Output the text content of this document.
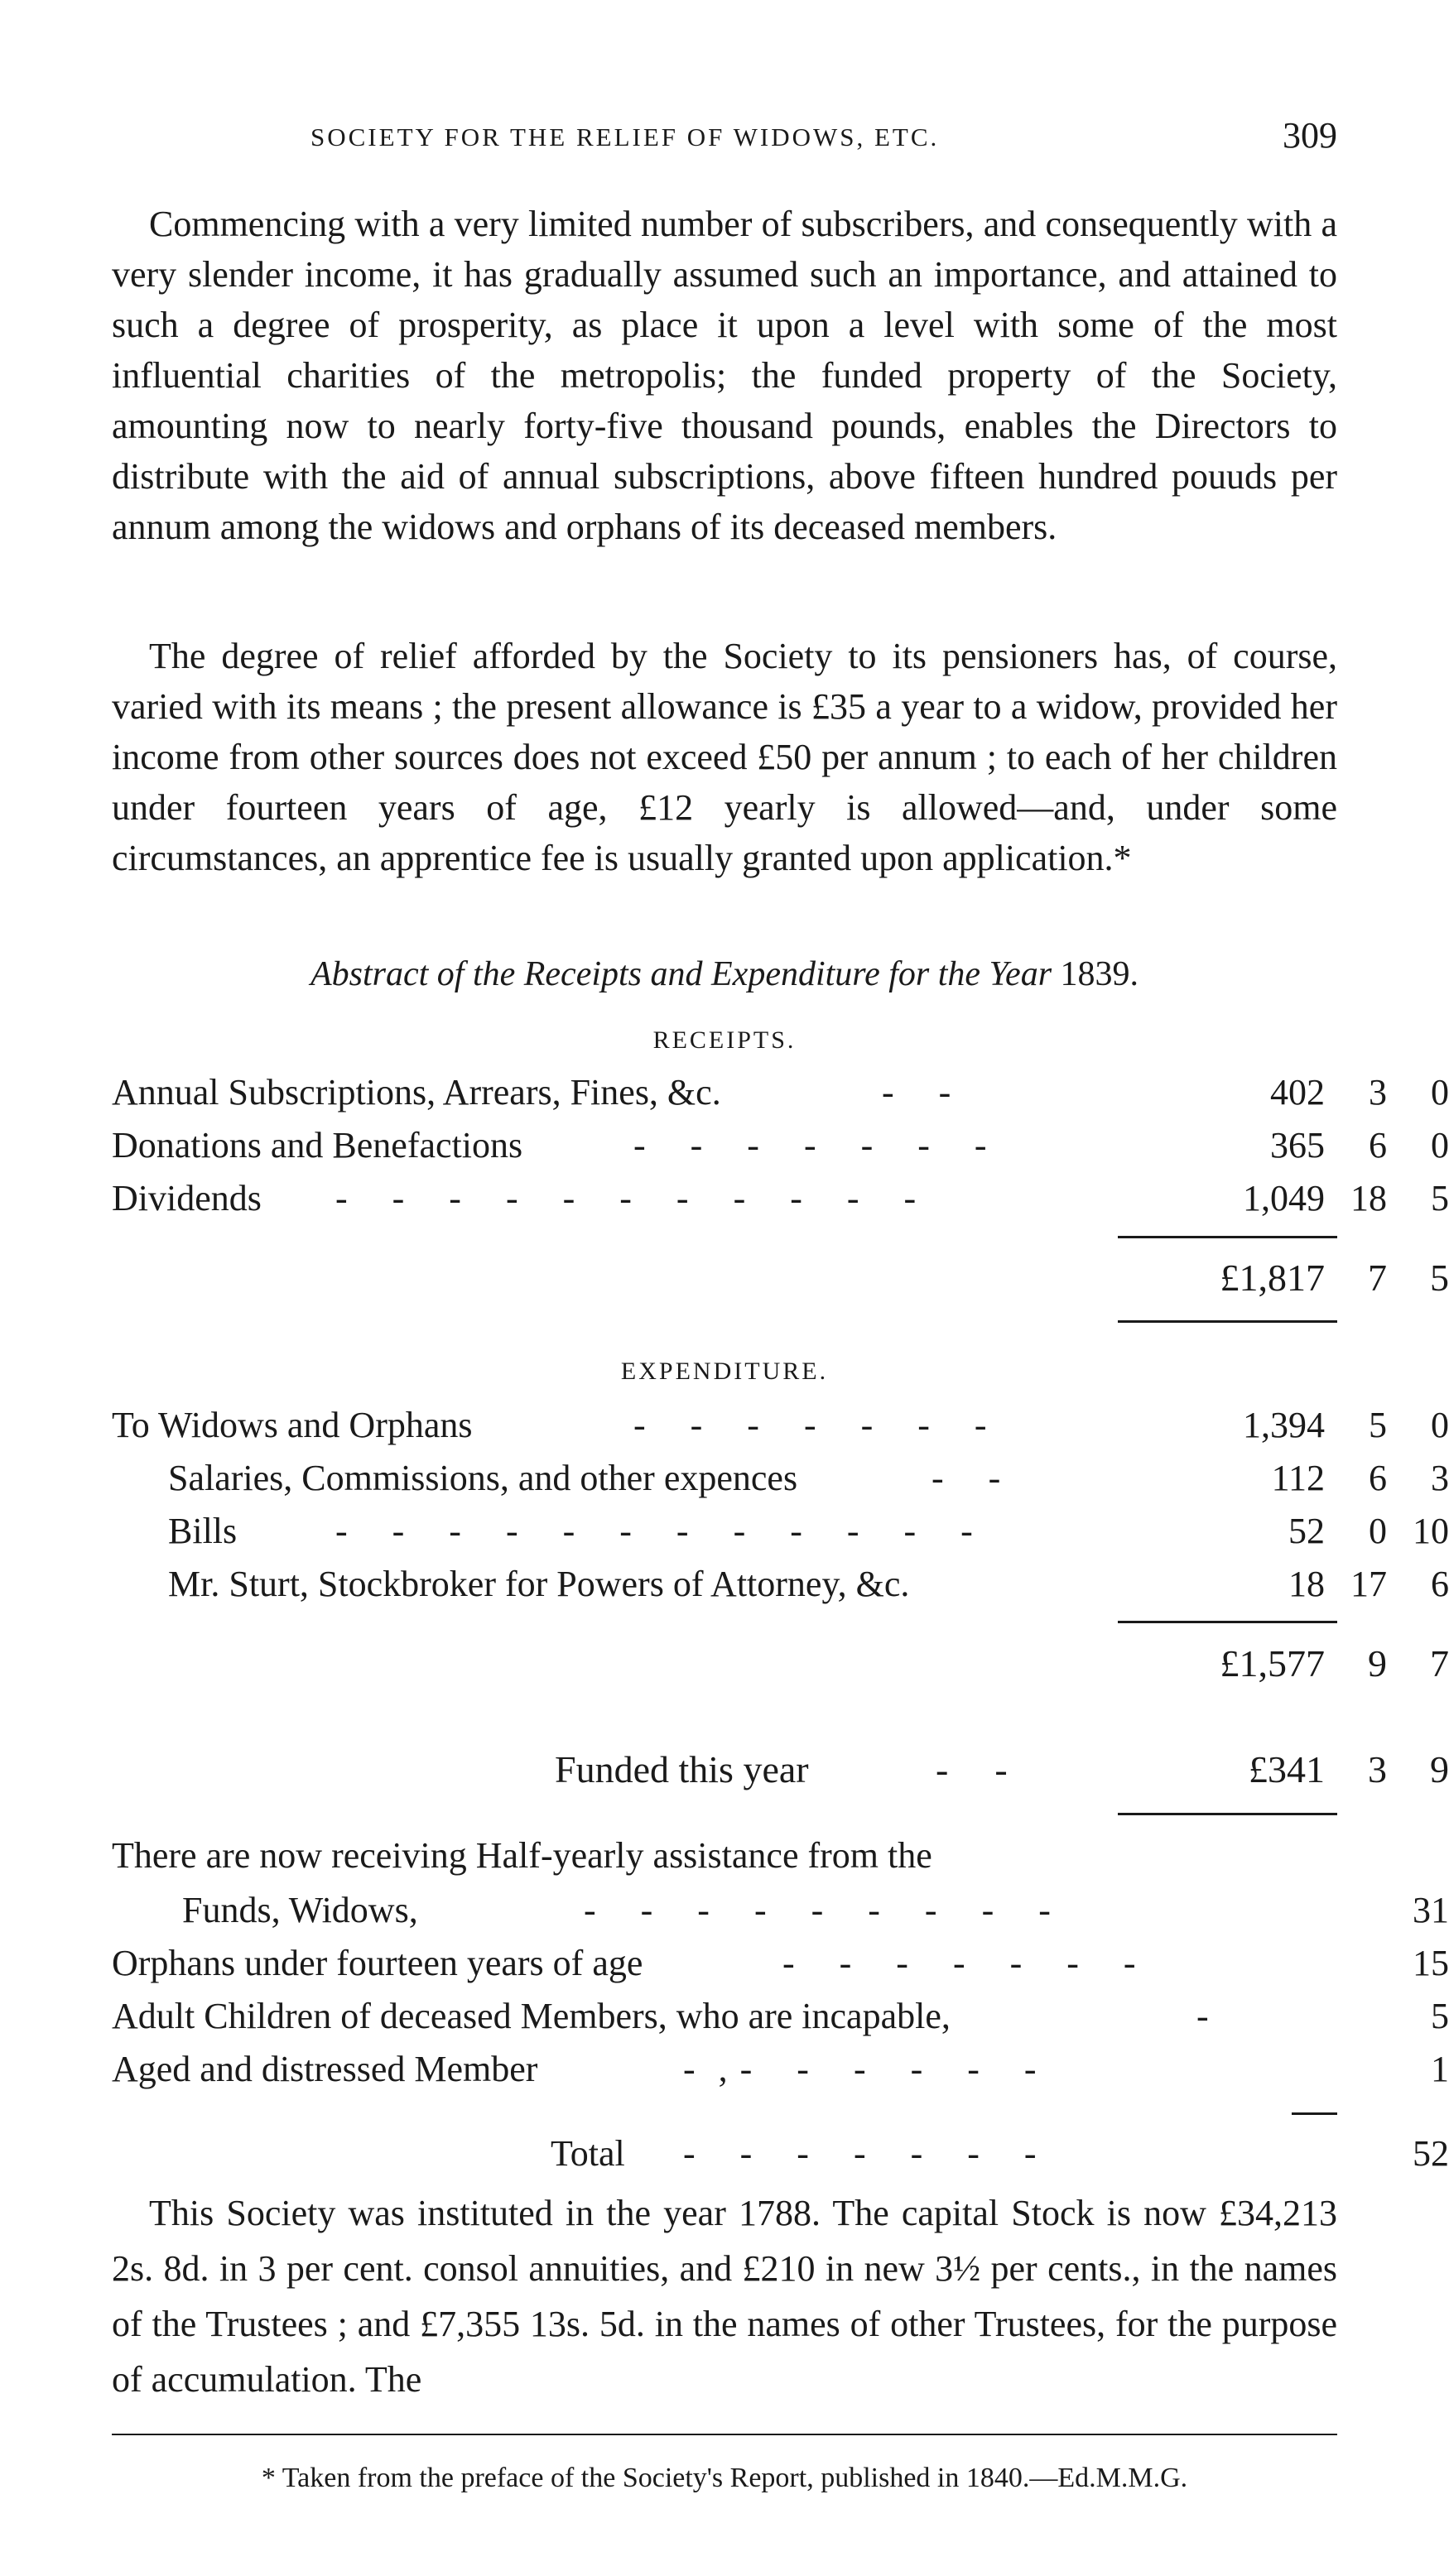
SOCIETY FOR THE RELIEF OF WIDOWS, ETC.	309

Commencing with a very limited number of subscribers, and consequently with a very slender income, it has gradually assumed such an importance, and attained to such a degree of prosperity, as place it upon a level with some of the most influential charities of the metropolis; the funded property of the Society, amounting now to nearly forty-five thousand pounds, enables the Directors to distribute with the aid of annual subscriptions, above fifteen hundred pouuds per annum among the widows and orphans of its deceased members.

The degree of relief afforded by the Society to its pensioners has, of course, varied with its means ; the present allowance is £35 a year to a widow, provided her income from other sources does not exceed £50 per annum ; to each of her children under fourteen years of age, £12 yearly is allowed—and, under some circumstances, an apprentice fee is usually granted upon application.*

Abstract of the Receipts and Expenditure for the Year 1839.
RECEIPTS.
Annual Subscriptions, Arrears, Fines, &c.	-    -	402	3	0
Donations and Benefactions	-    -    -    -    -    -    -	365	6	0
Dividends -    -    -    -    -    -    -    -    -    -    -	1,049 18	5
£1,817	7	5
EXPENDITURE.
To Widows and Orphans	-    -    -    -    -    -    -	1,394	5	0
Salaries, Commissions, and other expences	-    -	112	6	3
Bills	-    -    -    -    -    -    -    -    -    -    -    -	52	0 10
Mr. Sturt, Stockbroker for Powers of Attorney, &c.	18 17	6
£1,577	9	7
Funded this year	-    -	£341	3	9
There are now receiving Half-yearly assistance from the
Funds, Widows,	-    -    -    -    -    -    -    -    -	31
Orphans under fourteen years of age	-    -    -    -    -    -    -	15
Adult Children of deceased Members, who are incapable,	-	5
Aged and distressed Member	-  , -    -    -    -    -    -	1
Total -    -    -    -    -    -    -	52

This Society was instituted in the year 1788. The capital Stock is now £34,213 2s. 8d. in 3 per cent. consol annuities, and £210 in new 3½ per cents., in the names of the Trustees ; and £7,355 13s. 5d. in the names of other Trustees, for the purpose of accumulation. The

* Taken from the preface of the Society's Report, published in 1840.—Ed.M.M.G.
